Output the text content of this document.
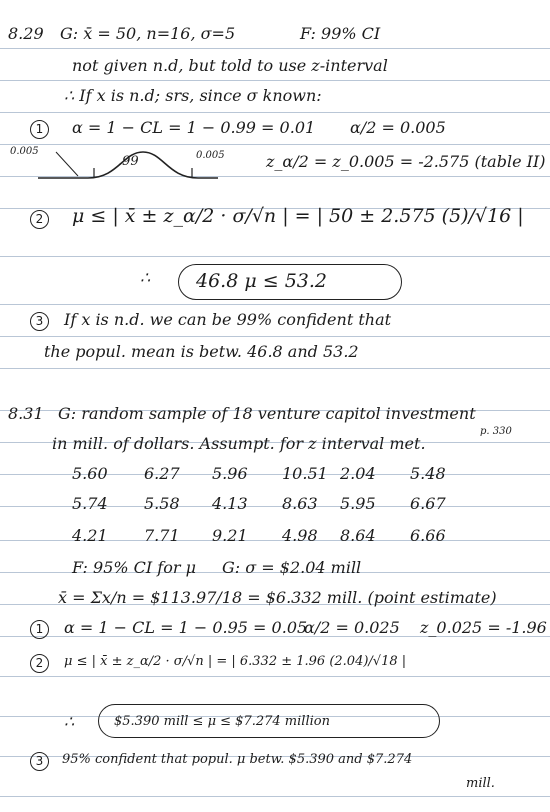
8.29 G: x̄ = 50, n=16, σ=5	F: 99% CI
not given n.d, but told to use z-interval
∴ If x is n.d; srs, since σ known:
1	α = 1 − CL = 1 − 0.99 = 0.01 α/2 = 0.005
0.005
.99	0.005	z_α/2 = z_0.005 = -2.575 (table II)
2 μ ≤ | x̄ ± z_α/2 · σ/√n | = | 50 ± 2.575 (5)/√16 |
∴ 46.8 μ ≤ 53.2
3	If x is n.d. we can be 99% confident that
the popul. mean is betw. 46.8 and 53.2
8.31 G: random sample of 18 venture capitol investment
in mill. of dollars. Assumpt. for z interval met.
p. 330
5.60 6.27 5.96 10.51 2.04 5.48
5.74 5.58 4.13 8.63 5.95 6.67
4.21 7.71 9.21 4.98 8.64 6.66
F: 95% CI for μ G: σ = $2.04 mill
x̄ = Σx/n = $113.97/18 = $6.332 mill. (point estimate)
1	α = 1 − CL = 1 − 0.95 = 0.05
α/2 = 0.025 z_0.025 = -1.96
2	μ ≤ | x̄ ± z_α/2 · σ/√n | = | 6.332 ± 1.96 (2.04)/√18 |
∴	$5.390 mill ≤ μ ≤ $7.274 million
3	95% confident that popul. μ betw. $5.390 and $7.274
mill.
